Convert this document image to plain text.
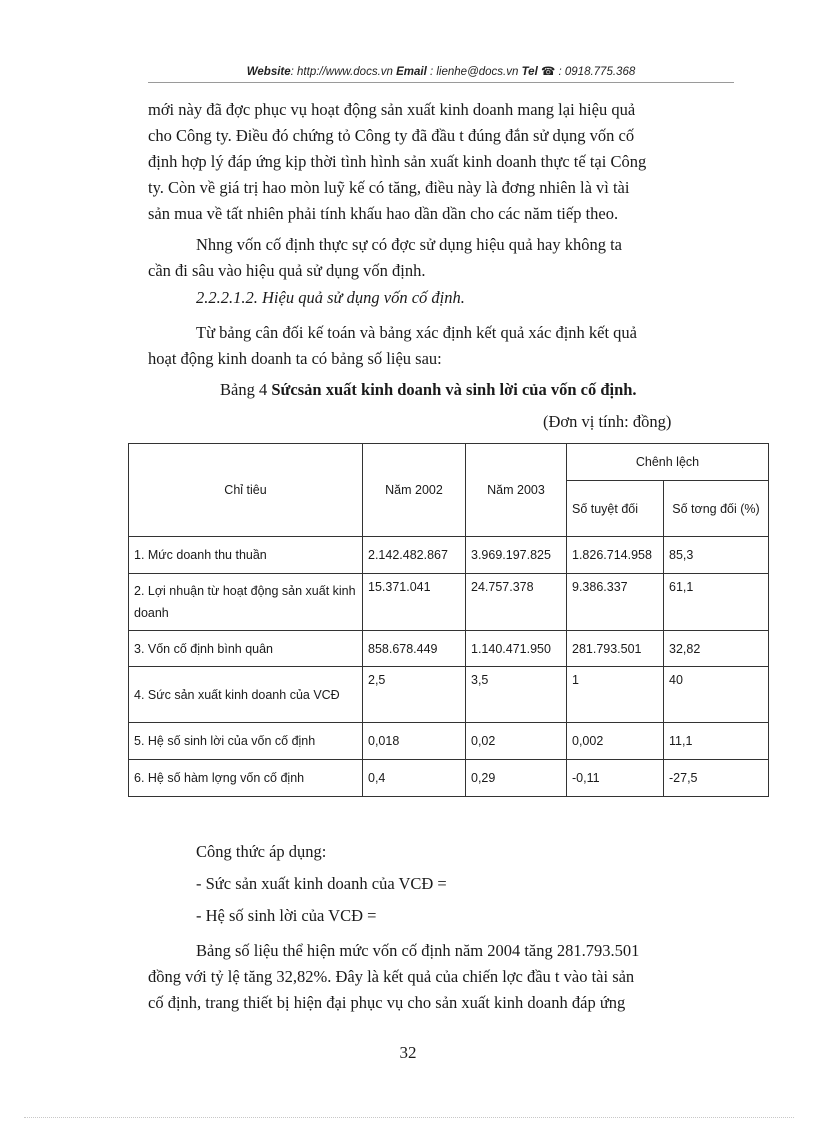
Website: http://www.docs.vn Email : lienhe@docs.vn Tel ☎ : 0918.775.368
mới này đã đợc phục vụ hoạt động sản xuất kinh doanh mang lại hiệu quả
cho Công ty. Điều đó chứng tỏ Công ty đã đầu t đúng đắn sử dụng vốn cố
định hợp lý đáp ứng kịp thời tình hình sản xuất kinh doanh thực tế tại Công
ty. Còn về giá trị hao mòn luỹ kế có tăng, điều này là đơng nhiên là vì tài
sản mua về tất nhiên phải tính khấu hao dần dần cho các năm tiếp theo.
Nhng vốn cố định thực sự có đợc sử dụng hiệu quả hay không ta
cần đi sâu vào hiệu quả sử dụng vốn định.
2.2.2.1.2. Hiệu quả sử dụng vốn cố định.
Từ bảng cân đối kế toán và bảng xác định kết quả xác định kết quả
hoạt động kinh doanh ta có bảng số liệu sau:
Bảng 4 Sứcsản xuất kinh doanh và sinh lời của vốn cố định.
(Đơn vị tính: đồng)
Chỉ tiêu	Năm 2002	Năm 2003	Chênh lệch	
			Số tuyệt đối	Số tơng đối (%)
1. Mức doanh thu thuần	2.142.482.867	3.969.197.825	1.826.714.958	85,3
2. Lợi nhuận từ hoạt động sản xuất kinh doanh	15.371.041	24.757.378	9.386.337	61,1
3. Vốn cố định bình quân	858.678.449	1.140.471.950	281.793.501	32,82
4. Sức sản xuất kinh doanh của VCĐ	2,5	3,5	1	40
5. Hệ số sinh lời của vốn cố định	0,018	0,02	0,002	11,1
6. Hệ số hàm lợng vốn cố định	0,4	0,29	-0,11	-27,5
Công thức áp dụng:
- Sức sản xuất kinh doanh của VCĐ =
- Hệ số sinh lời của VCĐ =
Bảng số liệu thể hiện mức vốn cố định năm 2004 tăng 281.793.501
đồng với tỷ lệ tăng 32,82%. Đây là kết quả của chiến lợc đầu t vào tài sản
cố định, trang thiết bị hiện đại phục vụ cho sản xuất kinh doanh đáp ứng
32
